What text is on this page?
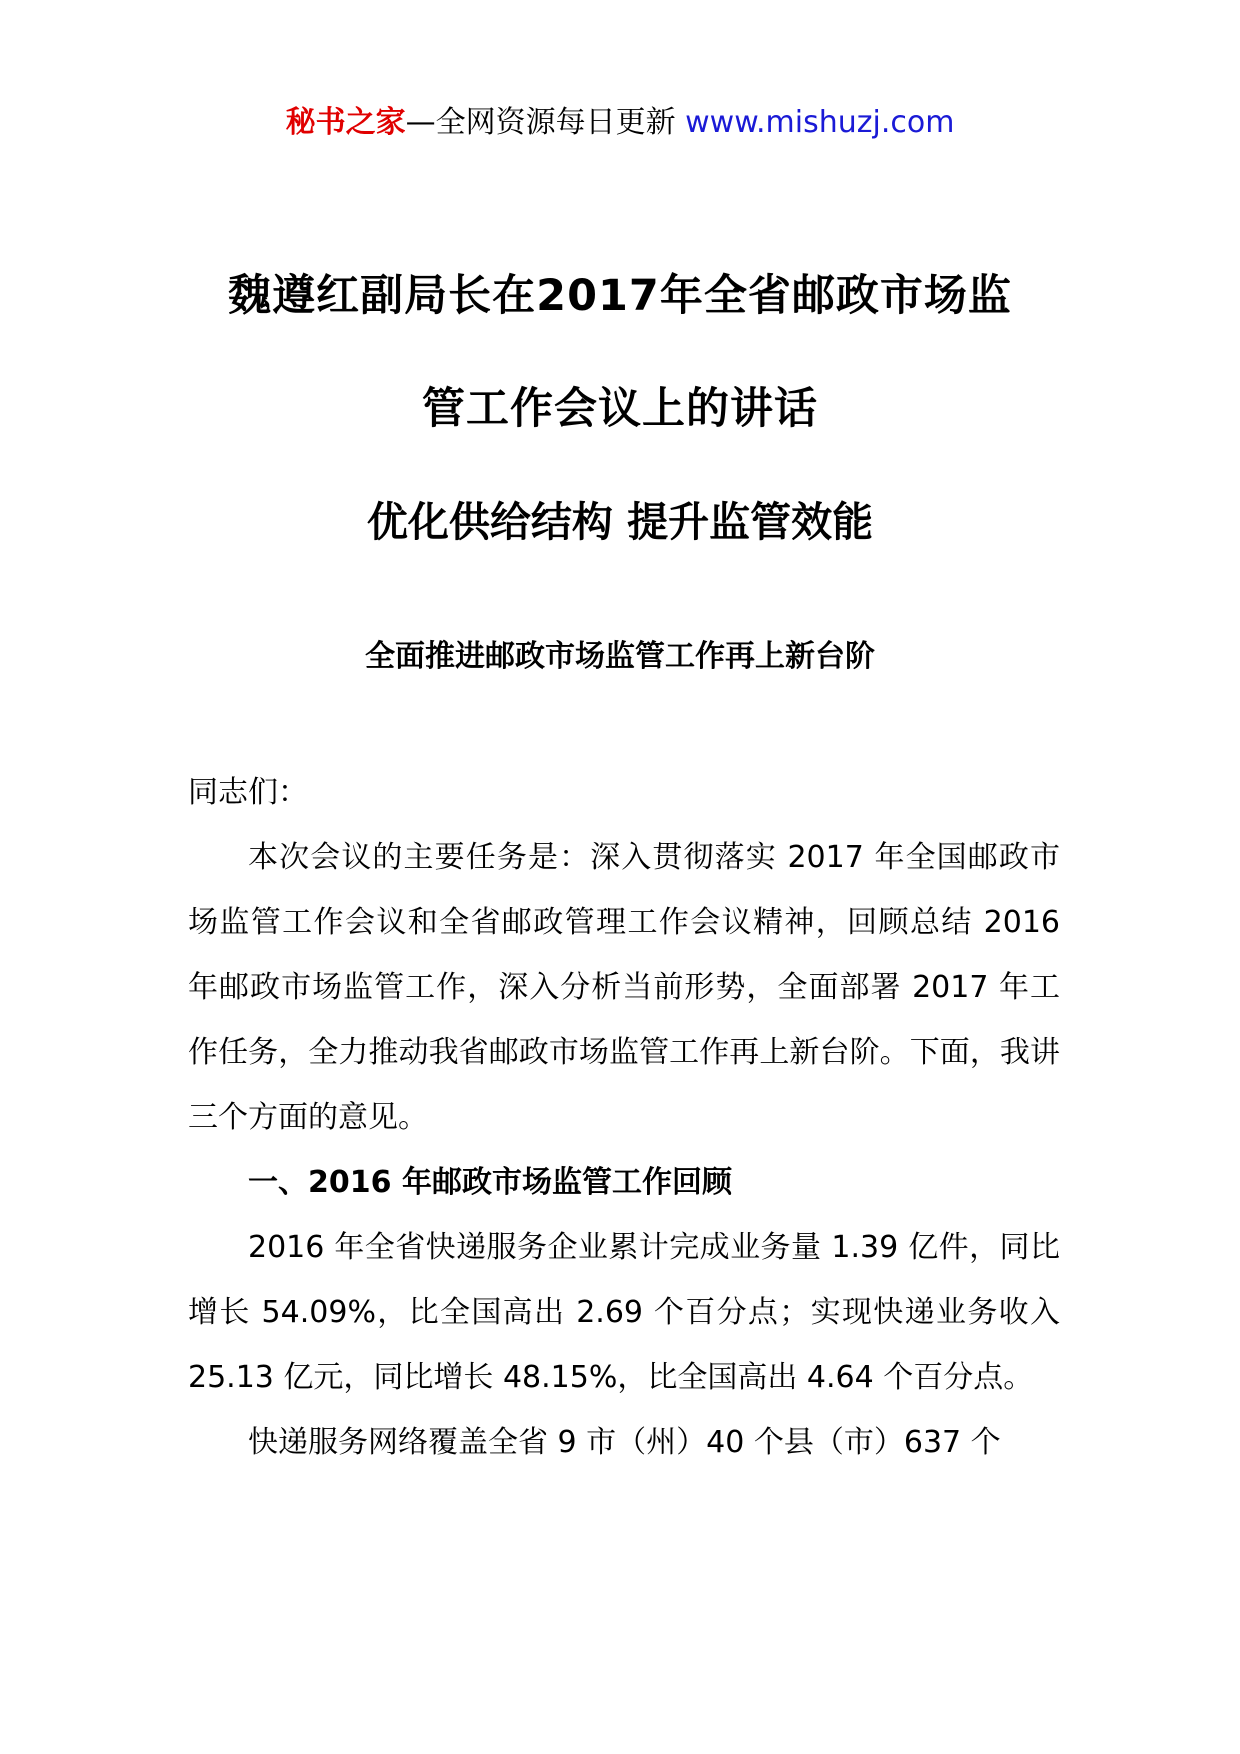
秘书之家—全网资源每日更新 www.mishuzj.com
魏遵红副局长在2017年全省邮政市场监
管工作会议上的讲话
优化供给结构 提升监管效能
全面推进邮政市场监管工作再上新台阶

同志们：

本次会议的主要任务是：深入贯彻落实 2017 年全国邮政市场监管工作会议和全省邮政管理工作会议精神，回顾总结 2016 年邮政市场监管工作，深入分析当前形势，全面部署 2017 年工作任务，全力推动我省邮政市场监管工作再上新台阶。下面，我讲三个方面的意见。

一、2016 年邮政市场监管工作回顾

2016 年全省快递服务企业累计完成业务量 1.39 亿件，同比增长 54.09%，比全国高出 2.69 个百分点；实现快递业务收入 25.13 亿元，同比增长 48.15%，比全国高出 4.64 个百分点。

快递服务网络覆盖全省 9 市（州）40 个县（市）637 个
